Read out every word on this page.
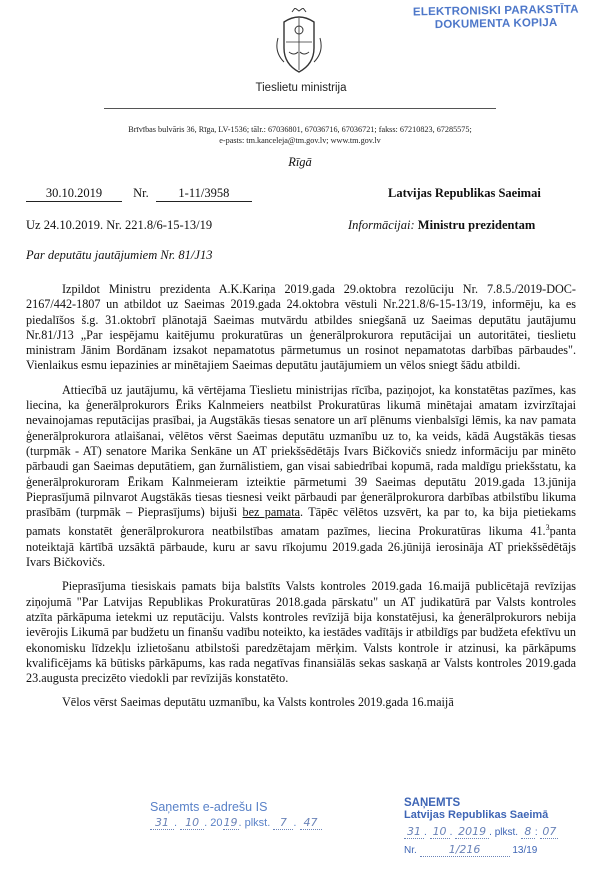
Tieslietu ministrija
ELEKTRONISKI PARAKSTĪTA
DOKUMENTA KOPIJA
Brīvības bulvāris 36, Rīga, LV-1536; tālr.: 67036801, 67036716, 67036721; fakss: 67210823, 67285575;
e-pasts: tm.kanceleja@tm.gov.lv; www.tm.gov.lv
Rīgā
30.10.2019 Nr. 1-11/3958	Latvijas Republikas Saeimai
Uz 24.10.2019. Nr. 221.8/6-15-13/19	Informācijai: Ministru prezidentam
Par deputātu jautājumiem Nr. 81/J13

Izpildot Ministru prezidenta A.K.Kariņa 2019.gada 29.oktobra rezolūciju Nr. 7.8.5./2019-DOC-2167/442-1807 un atbildot uz Saeimas 2019.gada 24.oktobra vēstuli Nr.221.8/6-15-13/19, informēju, ka es piedalīšos š.g. 31.oktobrī plānotajā Saeimas mutvārdu atbildes sniegšanā uz Saeimas deputātu jautājumu Nr.81/J13 „Par iespējamu kaitējumu prokuratūras un ģenerālprokurora reputācijai un autoritātei, tieslietu ministram Jānim Bordānam izsakot nepamatotus pārmetumus un rosinot nepamatotas darbības pārbaudes". Vienlaikus esmu iepazinies ar minētajiem Saeimas deputātu jautājumiem un vēlos sniegt šādu atbildi.

Attiecībā uz jautājumu, kā vērtējama Tieslietu ministrijas rīcība, paziņojot, ka konstatētas pazīmes, kas liecina, ka ģenerālprokurors Ēriks Kalnmeiers neatbilst Prokuratūras likumā minētajai amatam izvirzītajai nevainojamas reputācijas prasībai, ja Augstākās tiesas senatore un arī plēnums vienbalsīgi lēmis, ka nav pamata ģenerālprokurora atlaišanai, vēlētos vērst Saeimas deputātu uzmanību uz to, ka veids, kādā Augstākās tiesas (turpmāk - AT) senatore Marika Senkāne un AT priekšsēdētājs Ivars Bičkovičs sniedz informāciju par minēto pārbaudi gan Saeimas deputātiem, gan žurnālistiem, gan visai sabiedrībai kopumā, rada maldīgu priekšstatu, ka ģenerālprokuroram Ērikam Kalnmeieram izteiktie pārmetumi 39 Saeimas deputātu 2019.gada 13.jūnija Pieprasījumā pilnvarot Augstākās tiesas tiesnesi veikt pārbaudi par ģenerālprokurora darbības atbilstību likuma prasībām (turpmāk – Pieprasījums) bijuši bez pamata. Tāpēc vēlētos uzsvērt, ka par to, ka bija pietiekams pamats konstatēt ģenerālprokurora neatbilstības amatam pazīmes, liecina Prokuratūras likuma 41.$^3$panta noteiktajā kārtībā uzsāktā pārbaude, kuru ar savu rīkojumu 2019.gada 26.jūnijā ierosināja AT priekšsēdētājs Ivars Bičkovičs.

Pieprasījuma tiesiskais pamats bija balstīts Valsts kontroles 2019.gada 16.maijā publicētajā revīzijas ziņojumā "Par Latvijas Republikas Prokuratūras 2018.gada pārskatu" un AT judikatūrā par Valsts kontroles atzīta pārkāpuma ietekmi uz reputāciju. Valsts kontroles revīzijā bija konstatējusi, ka ģenerālprokurors nebija ievērojis Likumā par budžetu un finanšu vadību noteikto, ka iestādes vadītājs ir atbildīgs par budžeta efektīvu un ekonomisku līdzekļu izlietošanu atbilstoši paredzētajam mērķim. Valsts kontrole ir atzinusi, ka pārkāpums kvalificējams kā būtisks pārkāpums, kas rada negatīvas finansiālās sekas saskaņā ar Valsts kontroles 2019.gada 23.augusta precizēto viedokli par revīzijās konstatēto.

Vēlos vērst Saeimas deputātu uzmanību, ka Valsts kontroles 2019.gada 16.maijā

Saņemts e-adrešu IS
31 . 10 . 2019. plkst. 7 . 47
SAŅEMTS
Latvijas Republikas Saeimā
31 . 10 . 2019 . plkst. 8 : 07
Nr.	1/216	13/19
